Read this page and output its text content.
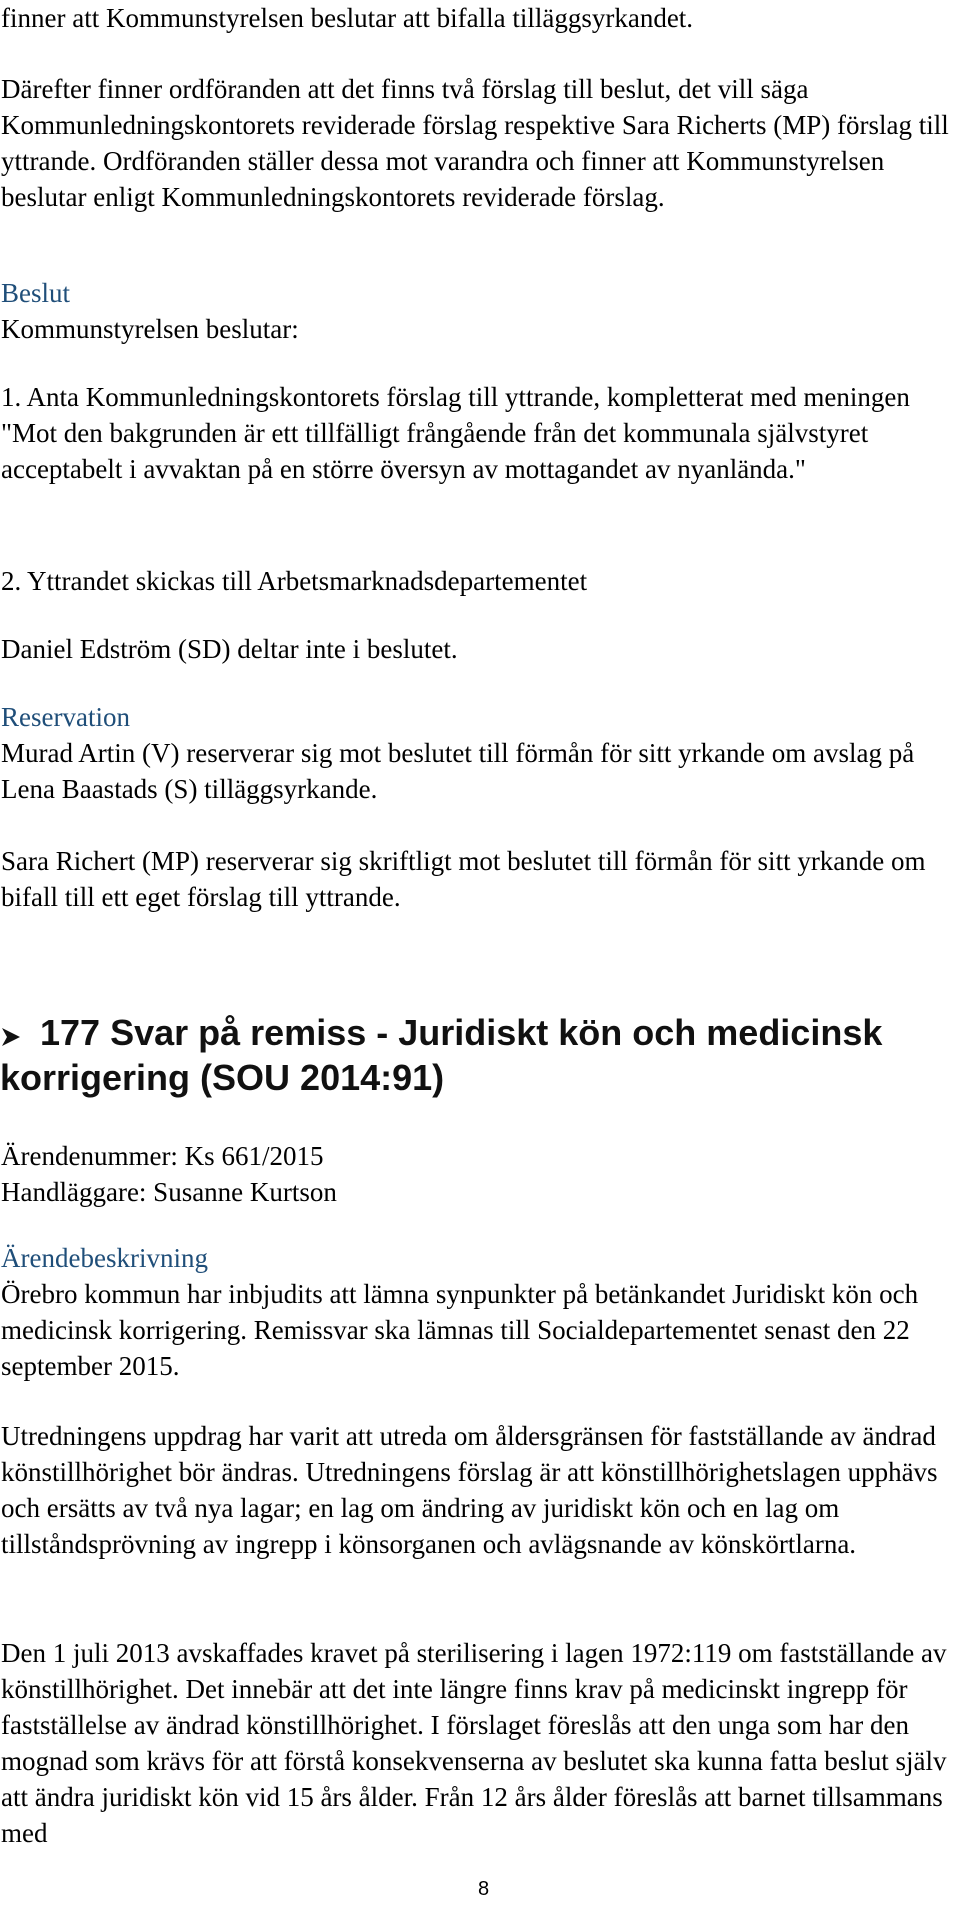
finner att Kommunstyrelsen beslutar att bifalla tilläggsyrkandet.

Därefter finner ordföranden att det finns två förslag till beslut, det vill säga Kommunledningskontorets reviderade förslag respektive Sara Richerts (MP) förslag till yttrande. Ordföranden ställer dessa mot varandra och finner att Kommunstyrelsen beslutar enligt Kommunledningskontorets reviderade förslag.

Beslut

Kommunstyrelsen beslutar:

1. Anta Kommunledningskontorets förslag till yttrande, kompletterat med meningen "Mot den bakgrunden är ett tillfälligt frångående från det kommunala självstyret acceptabelt i avvaktan på en större översyn av mottagandet av nyanlända."

2. Yttrandet skickas till Arbetsmarknadsdepartementet

Daniel Edström (SD) deltar inte i beslutet.

Reservation

Murad Artin (V) reserverar sig mot beslutet till förmån för sitt yrkande om avslag på Lena Baastads (S) tilläggsyrkande.

Sara Richert (MP) reserverar sig skriftligt mot beslutet till förmån för sitt yrkande om bifall till ett eget förslag till yttrande.

177 Svar på remiss - Juridiskt kön och medicinsk korrigering (SOU 2014:91)

Ärendenummer: Ks 661/2015

Handläggare: Susanne Kurtson

Ärendebeskrivning

Örebro kommun har inbjudits att lämna synpunkter på betänkandet Juridiskt kön och medicinsk korrigering. Remissvar ska lämnas till Socialdepartementet senast den 22 september 2015.

Utredningens uppdrag har varit att utreda om åldersgränsen för fastställande av ändrad könstillhörighet bör ändras. Utredningens förslag är att könstillhörighetslagen upphävs och ersätts av två nya lagar; en lag om ändring av juridiskt kön och en lag om tillståndsprövning av ingrepp i könsorganen och avlägsnande av könskörtlarna.

Den 1 juli 2013 avskaffades kravet på sterilisering i lagen 1972:119 om fastställande av könstillhörighet. Det innebär att det inte längre finns krav på medicinskt ingrepp för fastställelse av ändrad könstillhörighet. I förslaget föreslås att den unga som har den mognad som krävs för att förstå konsekvenserna av beslutet ska kunna fatta beslut själv att ändra juridiskt kön vid 15 års ålder. Från 12 års ålder föreslås att barnet tillsammans med

8
